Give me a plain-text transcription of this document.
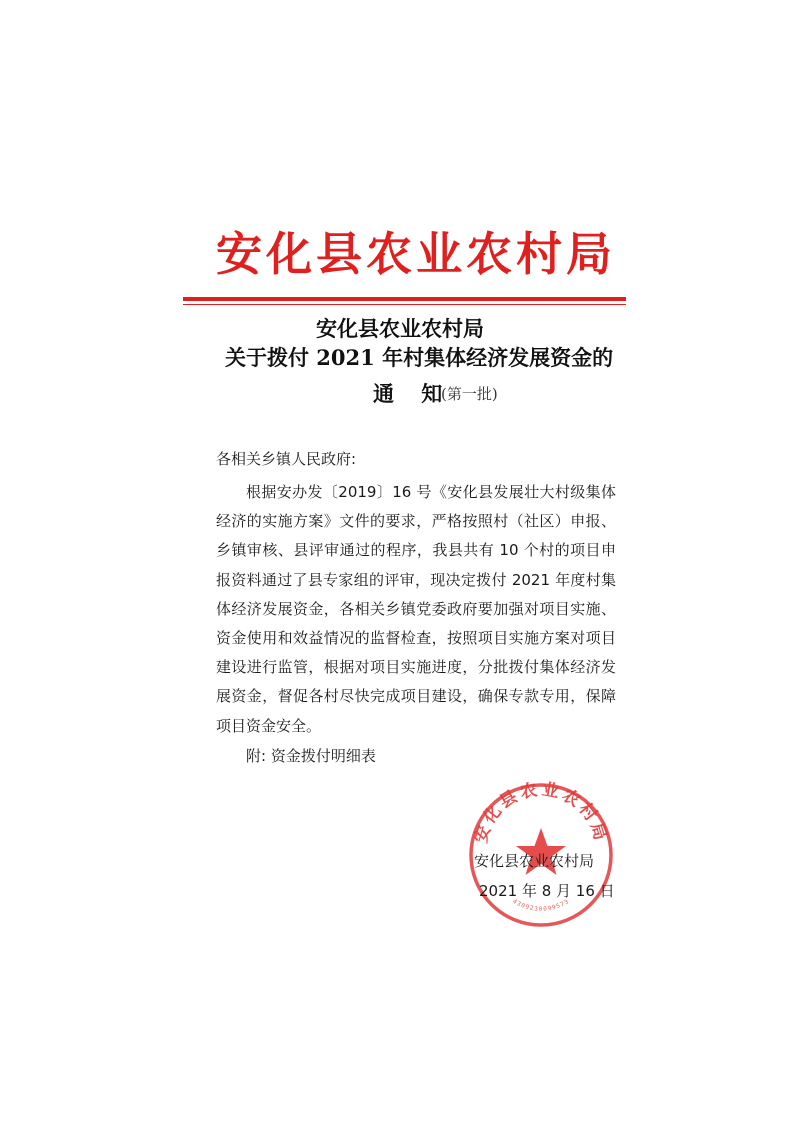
安化县农业农村局
安化县农业农村局
关于拨付 2021 年村集体经济发展资金的
通 知
(第一批)
各相关乡镇人民政府:
根据安办发〔2019〕16 号《安化县发展壮大村级集体经济的实施方案》文件的要求，严格按照村（社区）申报、乡镇审核、县评审通过的程序，我县共有 10 个村的项目申报资料通过了县专家组的评审，现决定拨付 2021 年度村集体经济发展资金，各相关乡镇党委政府要加强对项目实施、资金使用和效益情况的监督检查，按照项目实施方案对项目建设进行监管，根据对项目实施进度，分批拨付集体经济发展资金，督促各村尽快完成项目建设，确保专款专用，保障项目资金安全。
附: 资金拨付明细表
安化县农业农村局
4309230099573
安化县农业农村局
2021 年 8 月 16 日
